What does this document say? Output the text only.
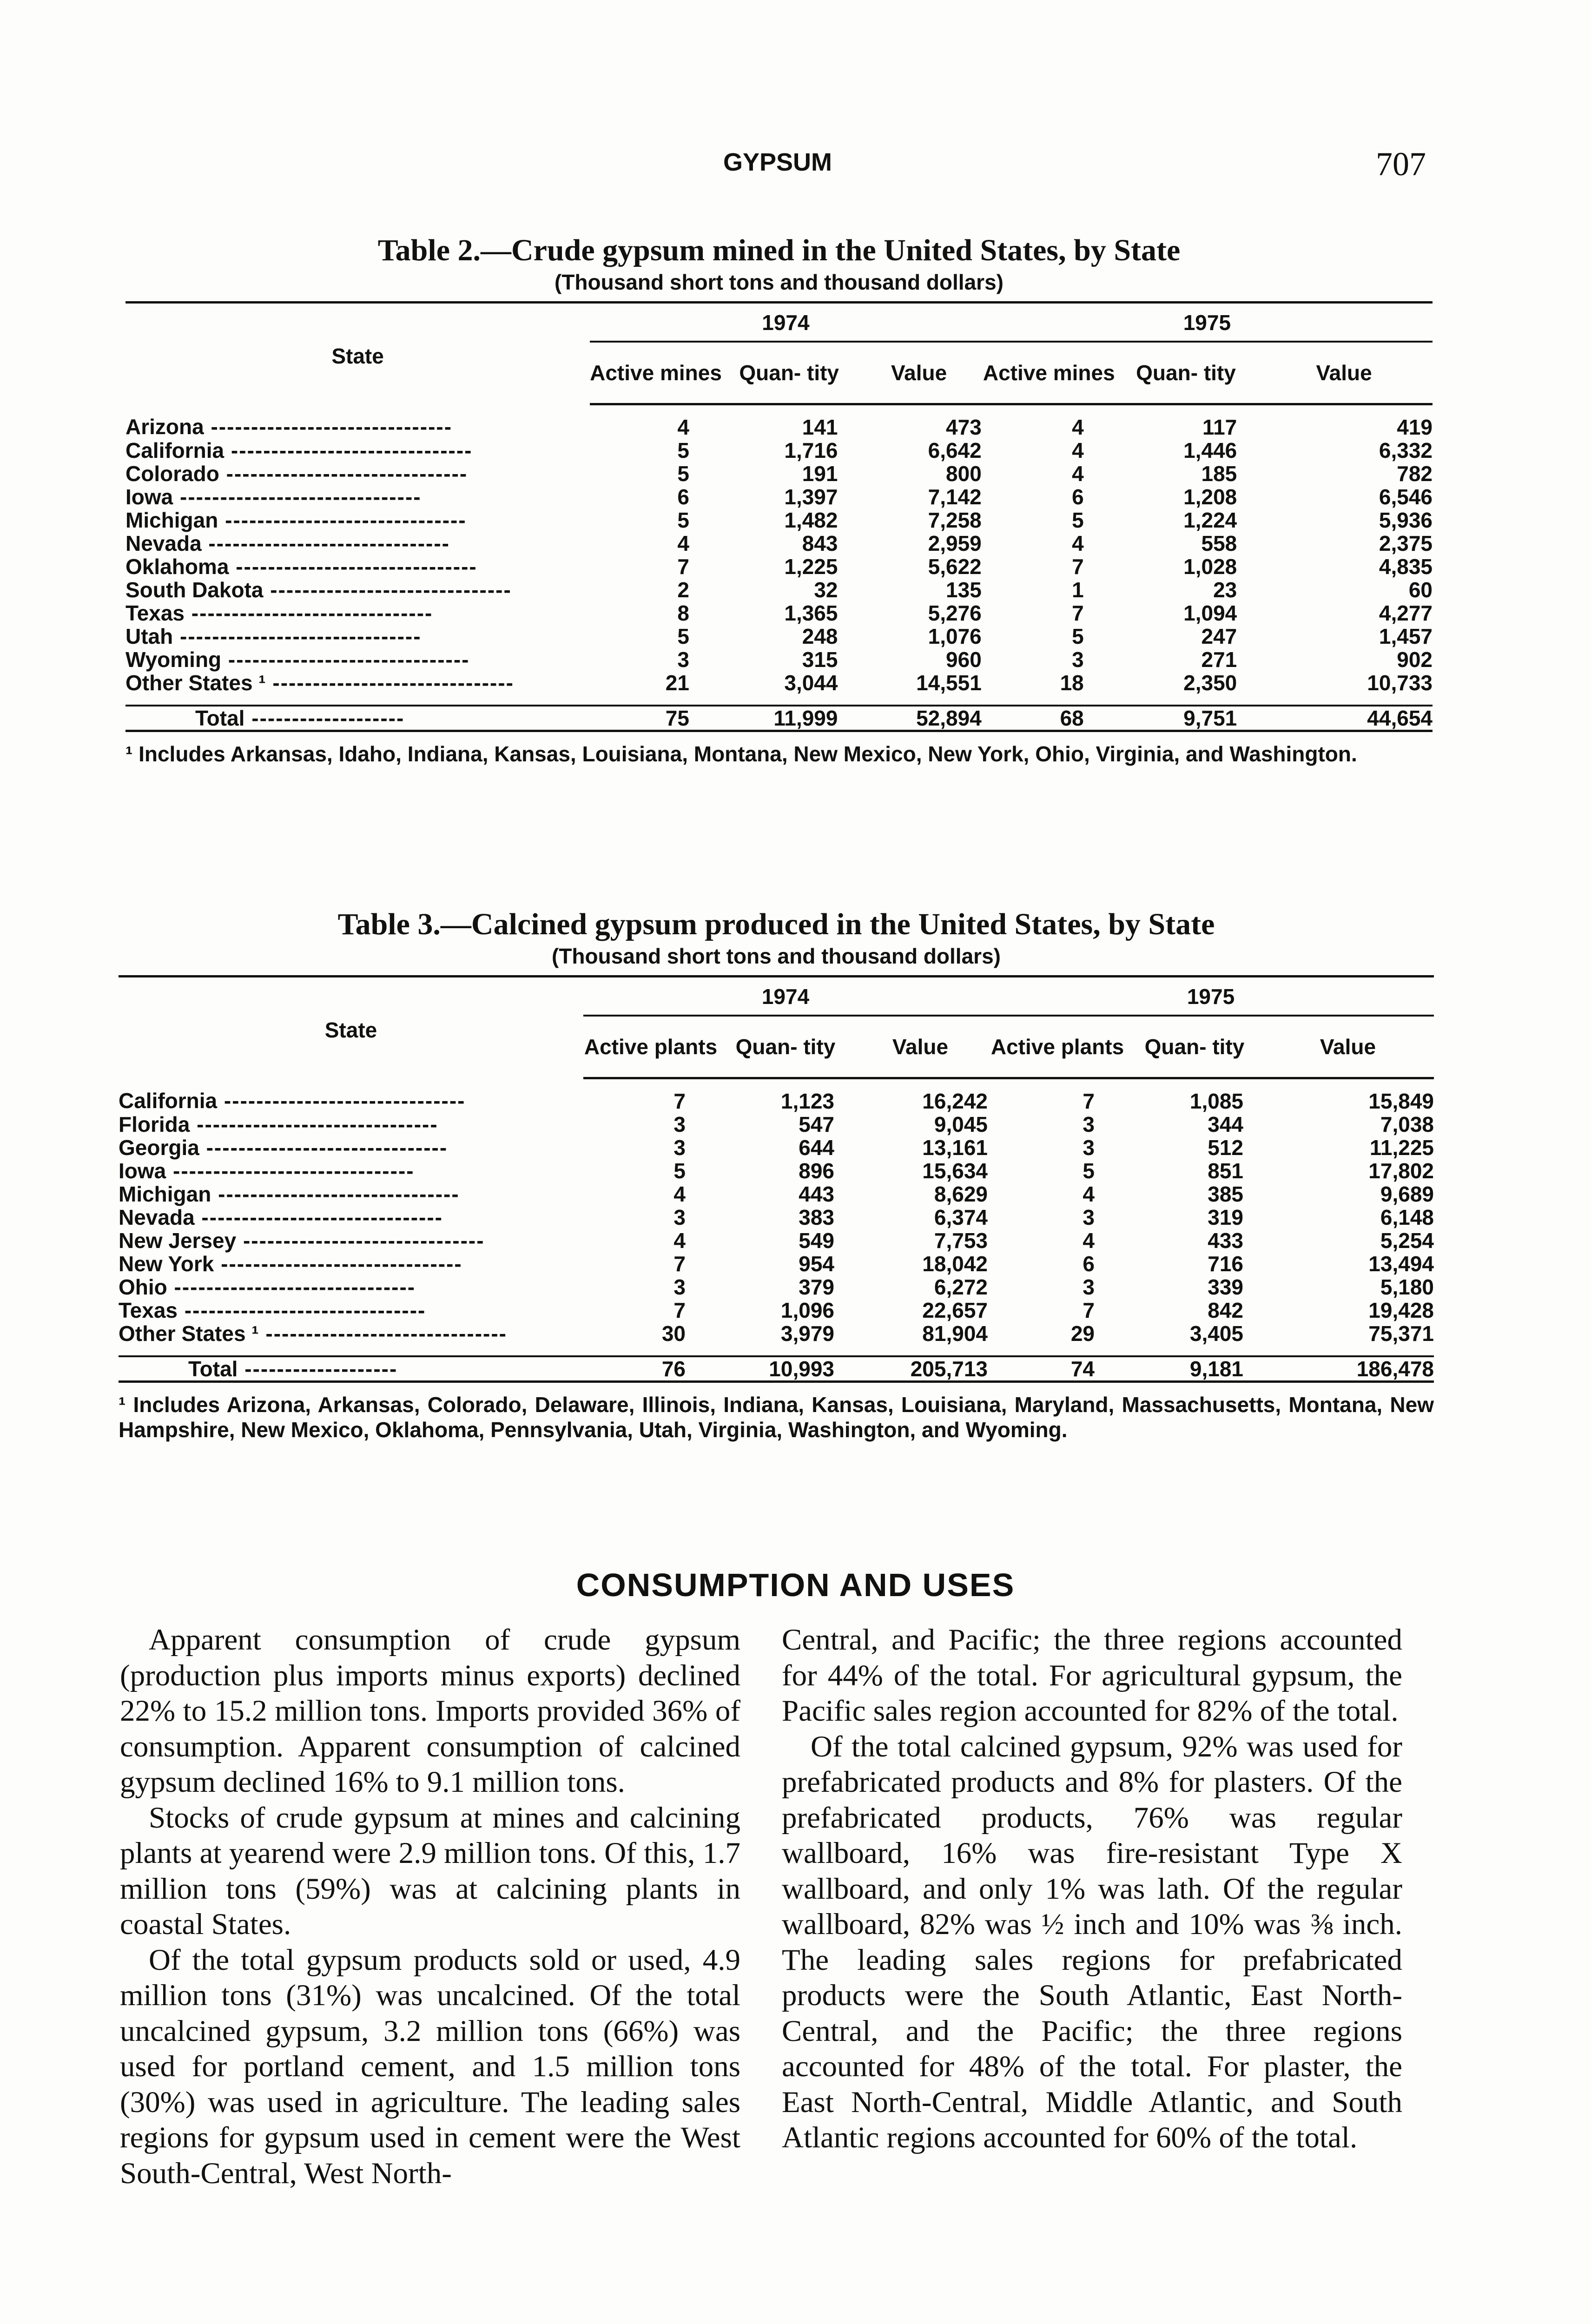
GYPSUM	707
Table 2.—Crude gypsum mined in the United States, by State
(Thousand short tons and thousand dollars)
State	1974			1975		
	Active mines	Quan- tity	Value	Active mines	Quan- tity	Value
Arizona ------------------------------	4	141	473	4	117	419
California ------------------------------	5	1,716	6,642	4	1,446	6,332
Colorado ------------------------------	5	191	800	4	185	782
Iowa ------------------------------	6	1,397	7,142	6	1,208	6,546
Michigan ------------------------------	5	1,482	7,258	5	1,224	5,936
Nevada ------------------------------	4	843	2,959	4	558	2,375
Oklahoma ------------------------------	7	1,225	5,622	7	1,028	4,835
South Dakota ------------------------------	2	32	135	1	23	60
Texas ------------------------------	8	1,365	5,276	7	1,094	4,277
Utah ------------------------------	5	248	1,076	5	247	1,457
Wyoming ------------------------------	3	315	960	3	271	902
Other States ¹ ------------------------------	21	3,044	14,551	18	2,350	10,733
Total -------------------	75	11,999	52,894	68	9,751	44,654
¹ Includes Arkansas, Idaho, Indiana, Kansas, Louisiana, Montana, New Mexico, New York, Ohio, Virginia, and Washington.
Table 3.—Calcined gypsum produced in the United States, by State
(Thousand short tons and thousand dollars)
State	1974			1975		
	Active plants	Quan- tity	Value	Active plants	Quan- tity	Value
California ------------------------------	7	1,123	16,242	7	1,085	15,849
Florida ------------------------------	3	547	9,045	3	344	7,038
Georgia ------------------------------	3	644	13,161	3	512	11,225
Iowa ------------------------------	5	896	15,634	5	851	17,802
Michigan ------------------------------	4	443	8,629	4	385	9,689
Nevada ------------------------------	3	383	6,374	3	319	6,148
New Jersey ------------------------------	4	549	7,753	4	433	5,254
New York ------------------------------	7	954	18,042	6	716	13,494
Ohio ------------------------------	3	379	6,272	3	339	5,180
Texas ------------------------------	7	1,096	22,657	7	842	19,428
Other States ¹ ------------------------------	30	3,979	81,904	29	3,405	75,371
Total -------------------	76	10,993	205,713	74	9,181	186,478
¹ Includes Arizona, Arkansas, Colorado, Delaware, Illinois, Indiana, Kansas, Louisiana, Maryland, Massachusetts, Montana, New Hampshire, New Mexico, Oklahoma, Pennsylvania, Utah, Virginia, Washington, and Wyoming.
CONSUMPTION AND USES

Apparent consumption of crude gypsum (production plus imports minus exports) declined 22% to 15.2 million tons. Imports provided 36% of consumption. Apparent consumption of calcined gypsum declined 16% to 9.1 million tons.

Stocks of crude gypsum at mines and calcining plants at yearend were 2.9 million tons. Of this, 1.7 million tons (59%) was at calcining plants in coastal States.

Of the total gypsum products sold or used, 4.9 million tons (31%) was uncalcined. Of the total uncalcined gypsum, 3.2 million tons (66%) was used for portland cement, and 1.5 million tons (30%) was used in agriculture. The leading sales regions for gypsum used in cement were the West South-Central, West North-

Central, and Pacific; the three regions accounted for 44% of the total. For agricultural gypsum, the Pacific sales region accounted for 82% of the total.

Of the total calcined gypsum, 92% was used for prefabricated products and 8% for plasters. Of the prefabricated products, 76% was regular wallboard, 16% was fire-resistant Type X wallboard, and only 1% was lath. Of the regular wallboard, 82% was ½ inch and 10% was ⅜ inch. The leading sales regions for prefabricated products were the South Atlantic, East North-Central, and the Pacific; the three regions accounted for 48% of the total. For plaster, the East North-Central, Middle Atlantic, and South Atlantic regions accounted for 60% of the total.
